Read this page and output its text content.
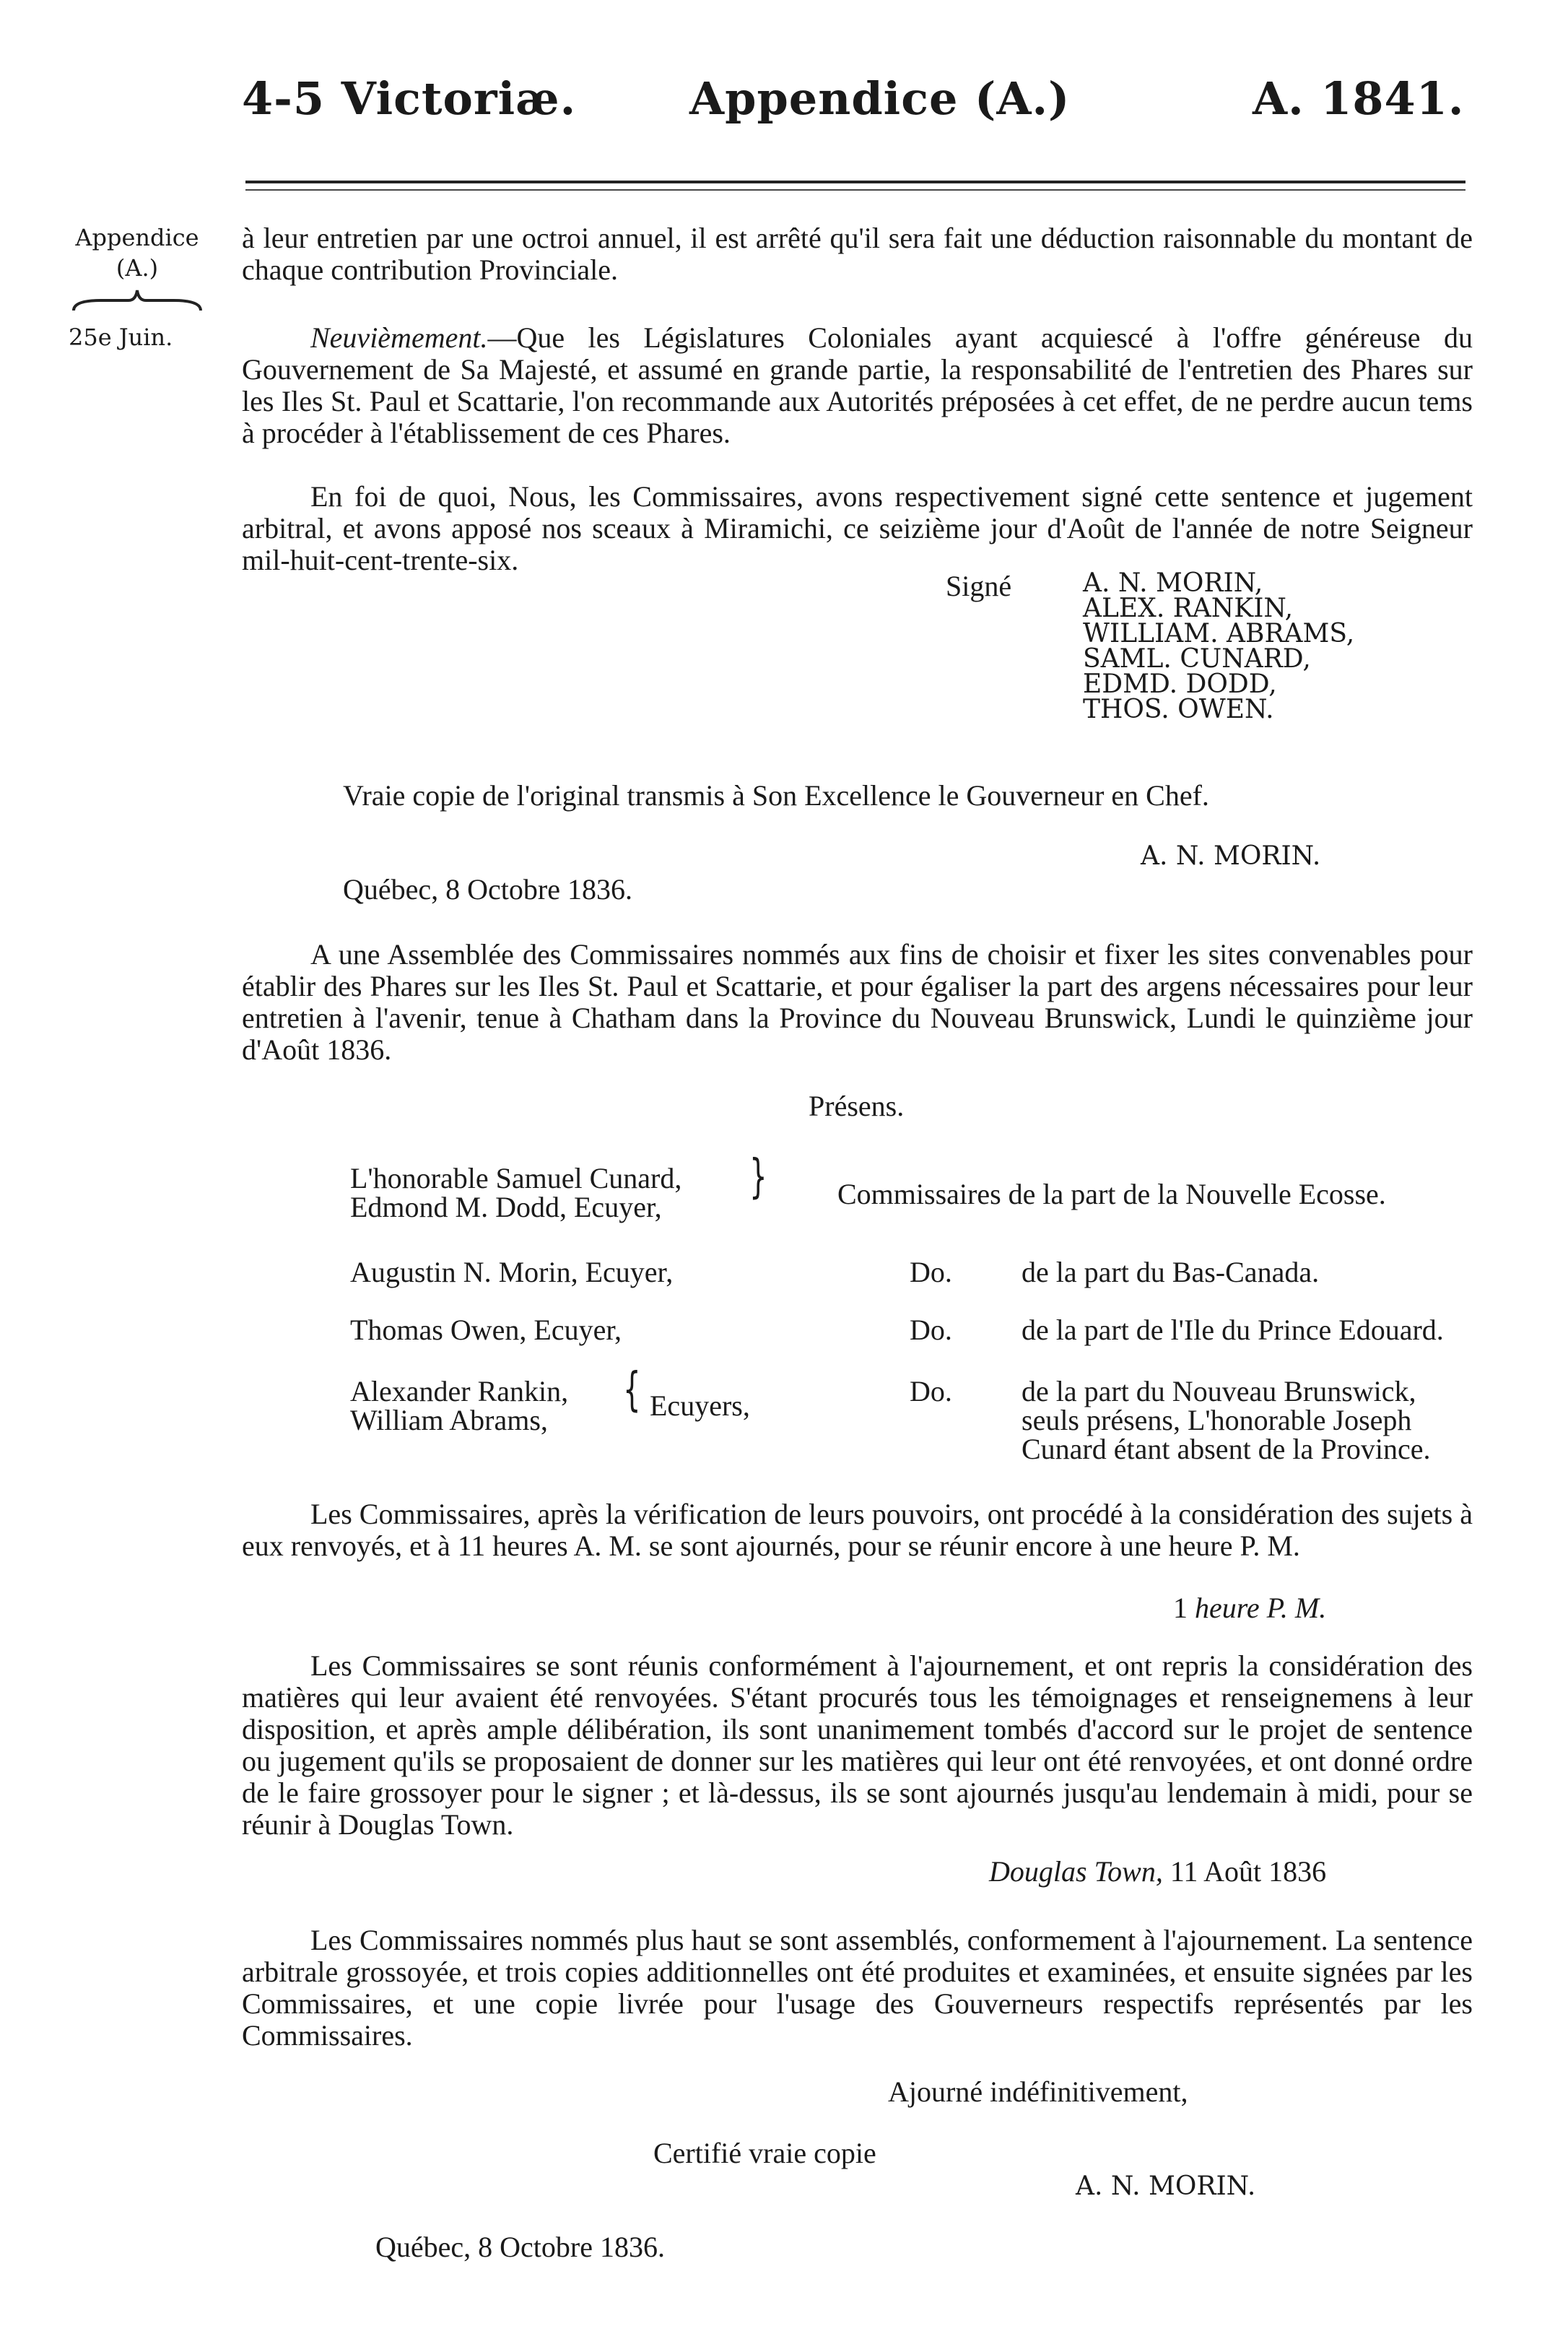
4-5 Victoriæ.	Appendice (A.)	A. 1841.
Appendice
(A.)
25e Juin.
à leur entretien par une octroi annuel, il est arrêté qu'il sera fait une déduction raisonnable du montant de chaque contribution Provinciale.
Neuvièmement.—Que les Législatures Coloniales ayant acquiescé à l'offre généreuse du Gouvernement de Sa Majesté, et assumé en grande partie, la responsabilité de l'entretien des Phares sur les Iles St. Paul et Scattarie, l'on recommande aux Autorités préposées à cet effet, de ne perdre aucun tems à procéder à l'établissement de ces Phares.
En foi de quoi, Nous, les Commissaires, avons respectivement signé cette sentence et jugement arbitral, et avons apposé nos sceaux à Miramichi, ce seizième jour d'Août de l'année de notre Seigneur mil-huit-cent-trente-six.
Signé	A. N. MORIN,
ALEX. RANKIN,
WILLIAM. ABRAMS,
SAML. CUNARD,
EDMD. DODD,
THOS. OWEN.
Vraie copie de l'original transmis à Son Excellence le Gouverneur en Chef.
A. N. MORIN.
Québec, 8 Octobre 1836.
A une Assemblée des Commissaires nommés aux fins de choisir et fixer les sites convenables pour établir des Phares sur les Iles St. Paul et Scattarie, et pour égaliser la part des argens nécessaires pour leur entretien à l'avenir, tenue à Chatham dans la Province du Nouveau Brunswick, Lundi le quinzième jour d'Août 1836.
Présens.
L'honorable Samuel Cunard,
Edmond M. Dodd, Ecuyer,
} Commissaires de la part de la Nouvelle Ecosse.
Augustin N. Morin, Ecuyer,	Do. de la part du Bas-Canada.
Thomas Owen, Ecuyer,	Do. de la part de l'Ile du Prince Edouard.
Alexander Rankin,
William Abrams,
{ Ecuyers,	Do. de la part du Nouveau Brunswick,
seuls présens, L'honorable Joseph
Cunard étant absent de la Province.
Les Commissaires, après la vérification de leurs pouvoirs, ont procédé à la considération des sujets à eux renvoyés, et à 11 heures A. M. se sont ajournés, pour se réunir encore à une heure P. M.
1 heure P. M.
Les Commissaires se sont réunis conformément à l'ajournement, et ont repris la considération des matières qui leur avaient été renvoyées. S'étant procurés tous les témoignages et renseignemens à leur disposition, et après ample délibération, ils sont unanimement tombés d'accord sur le projet de sentence ou jugement qu'ils se proposaient de donner sur les matières qui leur ont été renvoyées, et ont donné ordre de le faire grossoyer pour le signer ; et là-dessus, ils se sont ajournés jusqu'au lendemain à midi, pour se réunir à Douglas Town.
Douglas Town, 11 Août 1836
Les Commissaires nommés plus haut se sont assemblés, conformement à l'ajournement. La sentence arbitrale grossoyée, et trois copies additionnelles ont été produites et examinées, et ensuite signées par les Commissaires, et une copie livrée pour l'usage des Gouverneurs respectifs représentés par les Commissaires.
Ajourné indéfinitivement,
Certifié vraie copie
A. N. MORIN.
Québec, 8 Octobre 1836.
